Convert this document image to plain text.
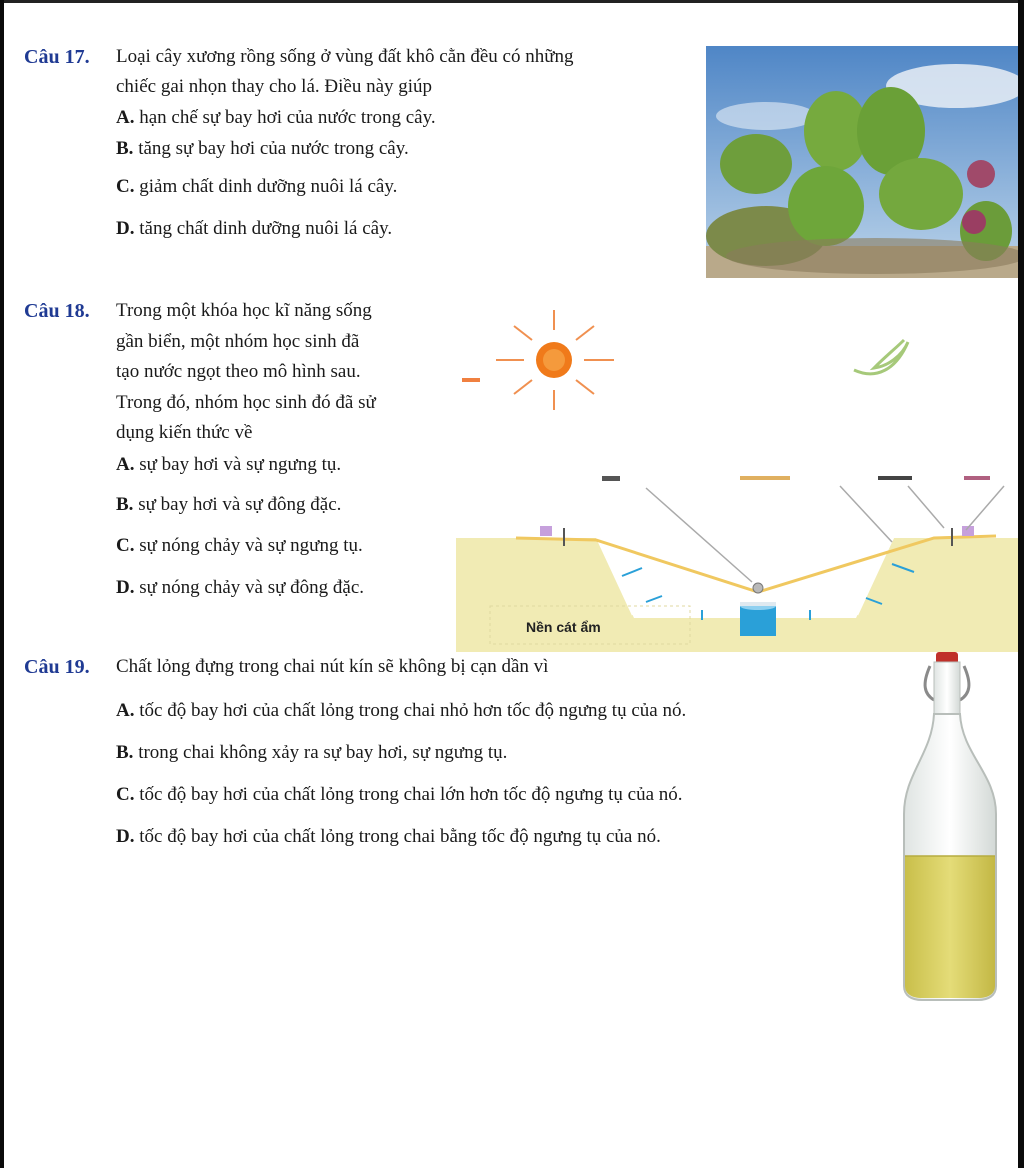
Câu 17. Loại cây xương rồng sống ở vùng đất khô cằn đều có những
chiếc gai nhọn thay cho lá. Điều này giúp
A. hạn chế sự bay hơi của nước trong cây.
B. tăng sự bay hơi của nước trong cây.
C. giảm chất dinh dưỡng nuôi lá cây.
D. tăng chất dinh dưỡng nuôi lá cây.
Câu 18. Trong một khóa học kĩ năng sống
gần biển, một nhóm học sinh đã
tạo nước ngọt theo mô hình sau.
Trong đó, nhóm học sinh đó đã sử
dụng kiến thức về
A. sự bay hơi và sự ngưng tụ.
B. sự bay hơi và sự đông đặc.
C. sự nóng chảy và sự ngưng tụ.
D. sự nóng chảy và sự đông đặc.
Nền cát ẩm
Câu 19. Chất lỏng đựng trong chai nút kín sẽ không bị cạn dần vì
A. tốc độ bay hơi của chất lỏng trong chai nhỏ hơn tốc độ ngưng tụ của nó.
B. trong chai không xảy ra sự bay hơi, sự ngưng tụ.
C. tốc độ bay hơi của chất lỏng trong chai lớn hơn tốc độ ngưng tụ của nó.
D. tốc độ bay hơi của chất lỏng trong chai bằng tốc độ ngưng tụ của nó.
